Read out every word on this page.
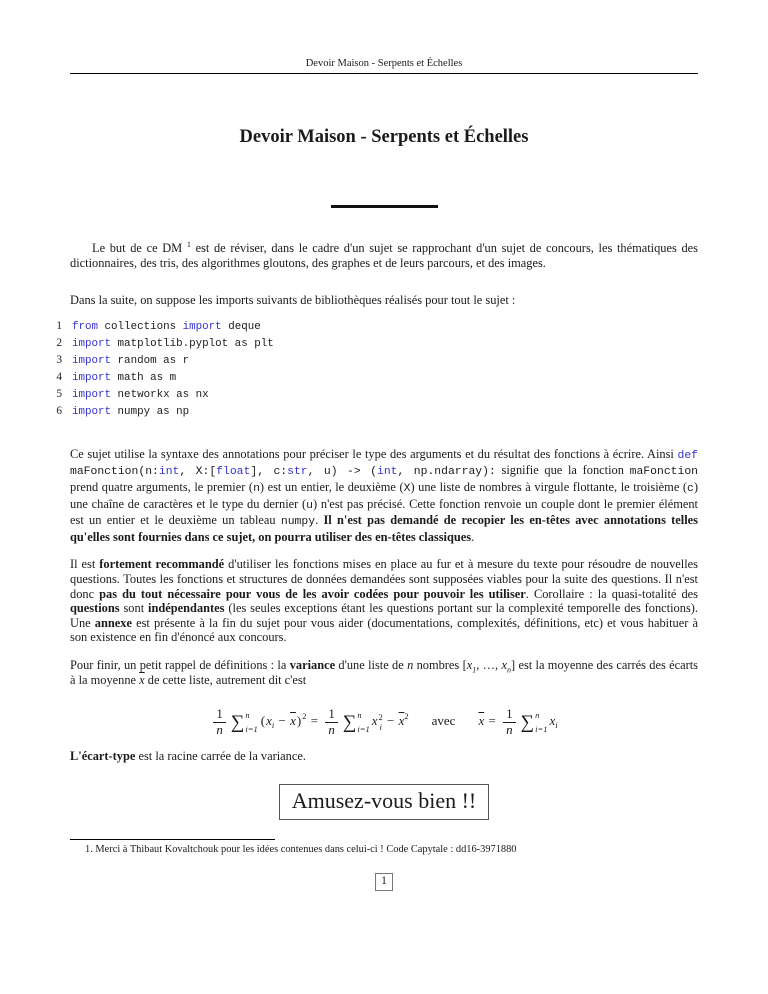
Devoir Maison - Serpents et Échelles
Devoir Maison - Serpents et Échelles

Le but de ce DM $^1$ est de réviser, dans le cadre d'un sujet se rapprochant d'un sujet de concours, les thématiques des dictionnaires, des tris, des algorithmes gloutons, des graphes et de leurs parcours, et des images.

Dans la suite, on suppose les imports suivants de bibliothèques réalisés pour tout le sujet :

1 from collections import deque
2 import matplotlib.pyplot as plt
3 import random as r
4 import math as m
5 import networkx as nx
6 import numpy as np

Ce sujet utilise la syntaxe des annotations pour préciser le type des arguments et du résultat des fonctions à écrire. Ainsi def maFonction(n:int, X:[float], c:str, u) -> (int, np.ndarray): signifie que la fonction maFonction prend quatre arguments, le premier (n) est un entier, le deuxième (X) une liste de nombres à virgule flottante, le troisième (c) une chaîne de caractères et le type du dernier (u) n'est pas précisé. Cette fonction renvoie un couple dont le premier élément est un entier et le deuxième un tableau numpy. Il n'est pas demandé de recopier les en-têtes avec annotations telles qu'elles sont fournies dans ce sujet, on pourra utiliser des en-têtes classiques.

Il est fortement recommandé d'utiliser les fonctions mises en place au fur et à mesure du texte pour résoudre de nouvelles questions. Toutes les fonctions et structures de données demandées sont supposées viables pour la suite des questions. Il n'est donc pas du tout nécessaire pour vous de les avoir codées pour pouvoir les utiliser. Corollaire : la quasi-totalité des questions sont indépendantes (les seules exceptions étant les questions portant sur la complexité temporelle des fonctions). Une annexe est présente à la fin du sujet pour vous aider (documentations, complexités, définitions, etc) et vous habituer à son existence en fin d'énoncé aux concours.

Pour finir, un petit rappel de définitions : la variance d'une liste de n nombres [$x_1$, …, $x_n$] est la moyenne des carrés des écarts à la moyenne $\overline{x}$ de cette liste, autrement dit c'est

$\frac{1}{n}$ ∑ n
i=1
$(x_i - \overline{x})^2 = \frac{1}{n}$ ∑ n
i=1
x 2
$i - \overline{x}^2$ avec $\overline{x} = \frac{1}{n}$ ∑ n
i=1
$x_i$

L'écart-type est la racine carrée de la variance.

Amusez-vous bien !!

1. Merci à Thibaut Kovaltchouk pour les idées contenues dans celui-ci ! Code Capytale : dd16-3971880

1
